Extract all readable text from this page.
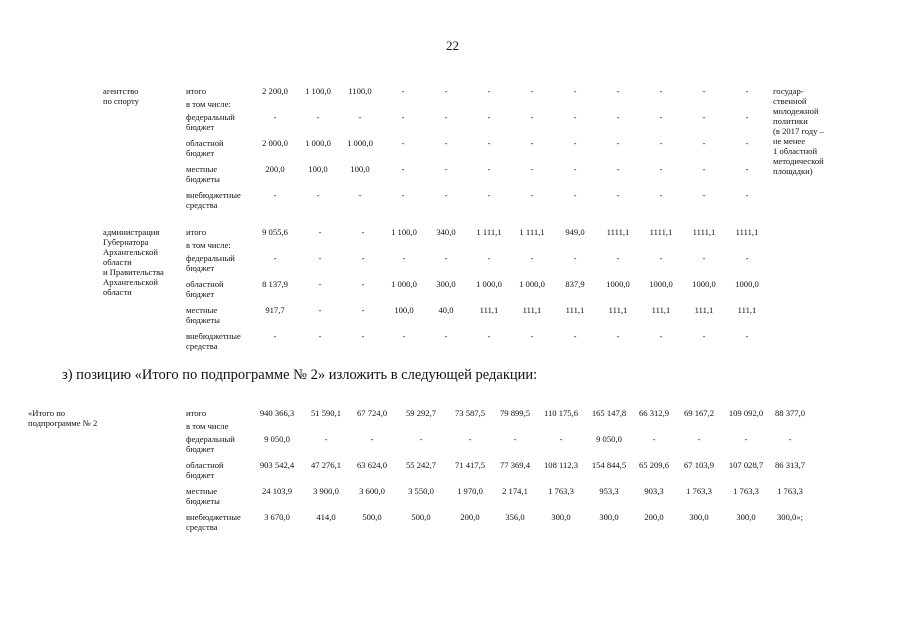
22
агентство
по спорту
государ-
ственной
молодежной
политики
(в 2017 году –
не менее
1 областной
методической
площадки)
итого	2 200,0	1 100,0	1100,0	-	-	-	-	-	-	-	-	-
в том числе:
федеральный
бюджет
-	-	-	-	-	-	-	-	-	-	-	-
областной
бюджет
2 000,0	1 000,0	1 000,0	-	-	-	-	-	-	-	-	-
местные
бюджеты
200,0	100,0	100,0	-	-	-	-	-	-	-	-	-
внебюджетные
средства
-	-	-	-	-	-	-	-	-	-	-	-
администрация
Губернатора
Архангельской
области
и Правительства
Архангельской
области
итого	9 055,6	-	-	1 100,0	340,0	1 111,1	1 111,1	949,0	1111,1	1111,1	1111,1	1111,1
в том числе:
федеральный
бюджет
-	-	-	-	-	-	-	-	-	-	-	-
областной
бюджет
8 137,9	-	-	1 000,0	300,0	1 000,0	1 000,0	837,9	1000,0	1000,0	1000,0	1000,0
местные
бюджеты
917,7	-	-	100,0	40,0	111,1	111,1	111,1	111,1	111,1	111,1	111,1
внебюджетные
средства
-	-	-	-	-	-	-	-	-	-	-	-
з) позицию «Итого по подпрограмме № 2» изложить в следующей редакции:
«Итого по
подпрограмме № 2
итого	940 366,3	51 590,1	67 724,0	59 292,7	73 587,5	79 899,5	110 175,6	165 147,8	66 312,9	69 167,2	109 092,0	88 377,0
в том числе
федеральный
бюджет
9 050,0	-	-	-	-	-	-	9 050,0	-	-	-	-
областной
бюджет
903 542,4	47 276,1	63 624,0	55 242,7	71 417,5	77 369,4	108 112,3	154 844,5	65 209,6	67 103,9	107 028,7	86 313,7
местные
бюджеты
24 103,9	3 900,0	3 600,0	3 550,0	1 970,0	2 174,1	1 763,3	953,3	903,3	1 763,3	1 763,3	1 763,3
внебюджетные
средства
3 670,0	414,0	500,0	500,0	200,0	356,0	300,0	300,0	200,0	300,0	300,0	300,0»;
